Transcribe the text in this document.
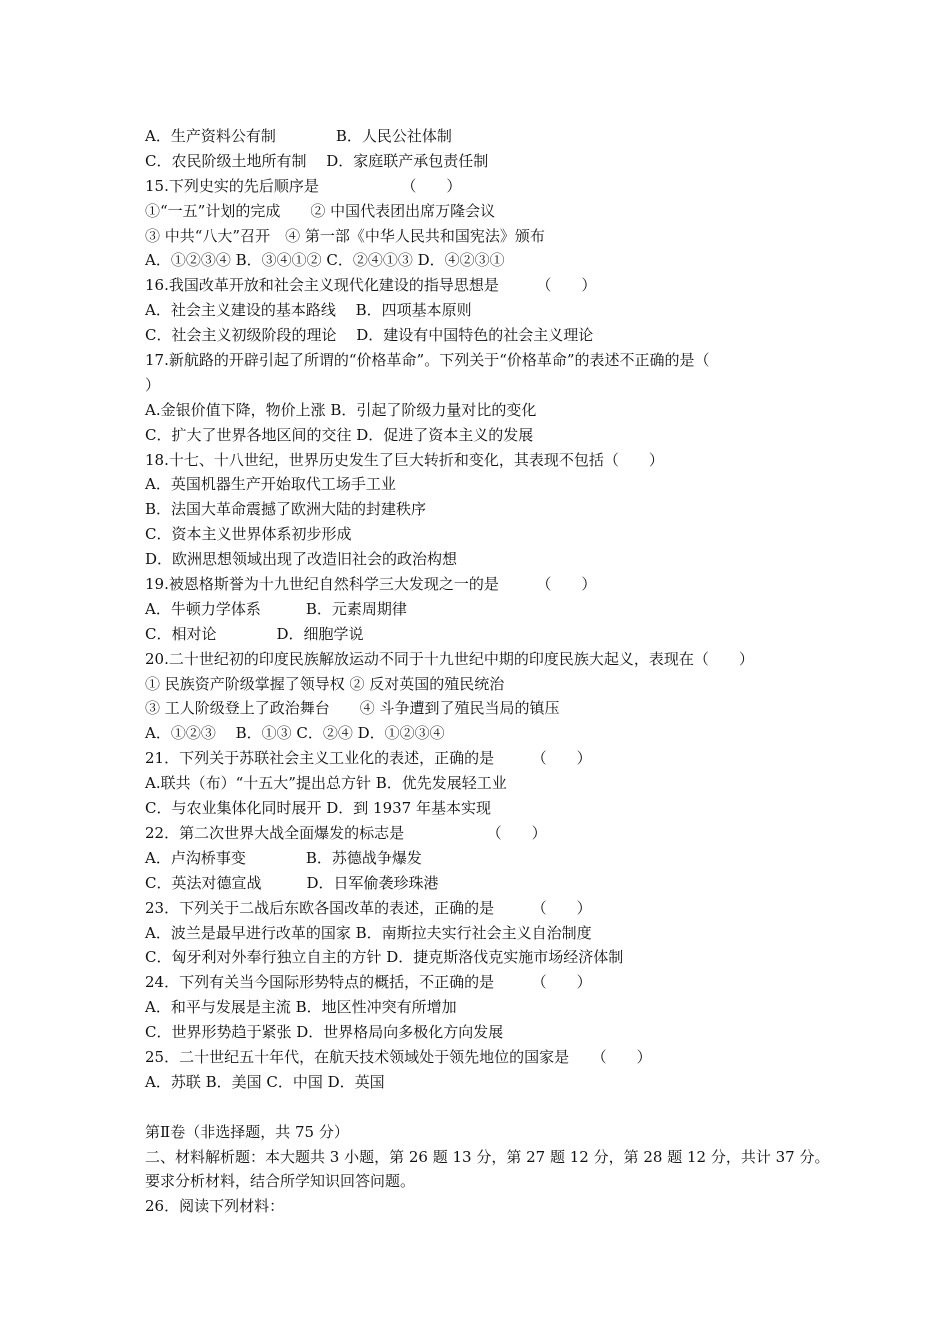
A．生产资料公有制　　　　B．人民公社体制
C．农民阶级土地所有制　 D．家庭联产承包责任制
15.下列史实的先后顺序是　　　　　　（　　）
①“一五”计划的完成　　② 中国代表团出席万隆会议
③ 中共“八大”召开　④ 第一部《中华人民共和国宪法》颁布
A．①②③④ B．③④①② C．②④①③ D．④②③①
16.我国改革开放和社会主义现代化建设的指导思想是　　　（　　）
A．社会主义建设的基本路线　 B．四项基本原则
C．社会主义初级阶段的理论　 D．建设有中国特色的社会主义理论
17.新航路的开辟引起了所谓的“价格革命”。下列关于“价格革命”的表述不正确的是（
）
A.金银价值下降，物价上涨 B．引起了阶级力量对比的变化
C．扩大了世界各地区间的交往 D．促进了资本主义的发展
18.十七、十八世纪，世界历史发生了巨大转折和变化，其表现不包括（　　）
A．英国机器生产开始取代工场手工业
B．法国大革命震撼了欧洲大陆的封建秩序
C．资本主义世界体系初步形成
D．欧洲思想领域出现了改造旧社会的政治构想
19.被恩格斯誉为十九世纪自然科学三大发现之一的是　　　（　　）
A．牛顿力学体系　　　B．元素周期律
C．相对论　　　　D．细胞学说
20.二十世纪初的印度民族解放运动不同于十九世纪中期的印度民族大起义，表现在（　　）
① 民族资产阶级掌握了领导权 ② 反对英国的殖民统治
③ 工人阶级登上了政治舞台　　④ 斗争遭到了殖民当局的镇压
A．①②③　 B．①③ C．②④ D．①②③④
21．下列关于苏联社会主义工业化的表述，正确的是　　　（　　）
A.联共（布）“十五大”提出总方针 B．优先发展轻工业
C．与农业集体化同时展开 D．到 1937 年基本实现
22．第二次世界大战全面爆发的标志是　　　　　　（　　）
A．卢沟桥事变　　　　B．苏德战争爆发
C．英法对德宣战　　　D．日军偷袭珍珠港
23．下列关于二战后东欧各国改革的表述，正确的是　　　（　　）
A．波兰是最早进行改革的国家 B．南斯拉夫实行社会主义自治制度
C．匈牙利对外奉行独立自主的方针 D．捷克斯洛伐克实施市场经济体制
24．下列有关当今国际形势特点的概括，不正确的是　　　（　　）
A．和平与发展是主流 B．地区性冲突有所增加
C．世界形势趋于紧张 D．世界格局向多极化方向发展
25．二十世纪五十年代，在航天技术领域处于领先地位的国家是　　（　　）
A．苏联 B．美国 C．中国 D．英国
第Ⅱ卷（非选择题，共 75 分）
二、材料解析题：本大题共 3 小题，第 26 题 13 分，第 27 题 12 分，第 28 题 12 分，共计 37 分。
要求分析材料，结合所学知识回答问题。
26．阅读下列材料：
